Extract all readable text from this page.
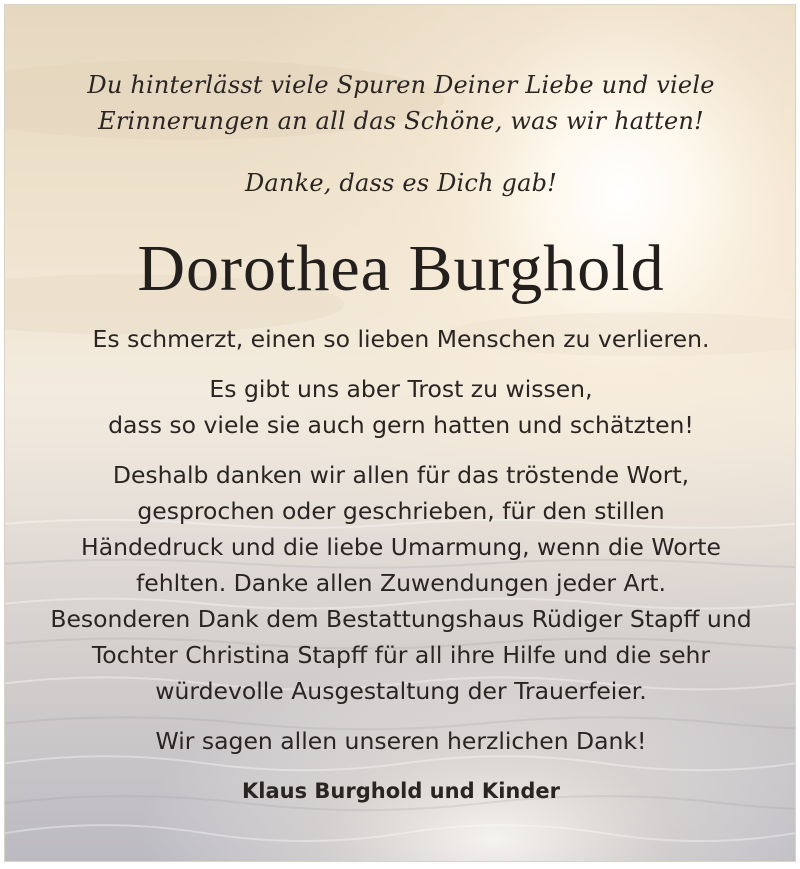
Du hinterlässt viele Spuren Deiner Liebe und viele
Erinnerungen an all das Schöne, was wir hatten!

Danke, dass es Dich gab!

Dorothea Burghold

Es schmerzt, einen so lieben Menschen zu verlieren.

Es gibt uns aber Trost zu wissen,
dass so viele sie auch gern hatten und schätzten!

Deshalb danken wir allen für das tröstende Wort,
gesprochen oder geschrieben, für den stillen
Händedruck und die liebe Umarmung, wenn die Worte
fehlten. Danke allen Zuwendungen jeder Art.
Besonderen Dank dem Bestattungshaus Rüdiger Stapff und
Tochter Christina Stapff für all ihre Hilfe und die sehr
würdevolle Ausgestaltung der Trauerfeier.

Wir sagen allen unseren herzlichen Dank!

Klaus Burghold und Kinder
